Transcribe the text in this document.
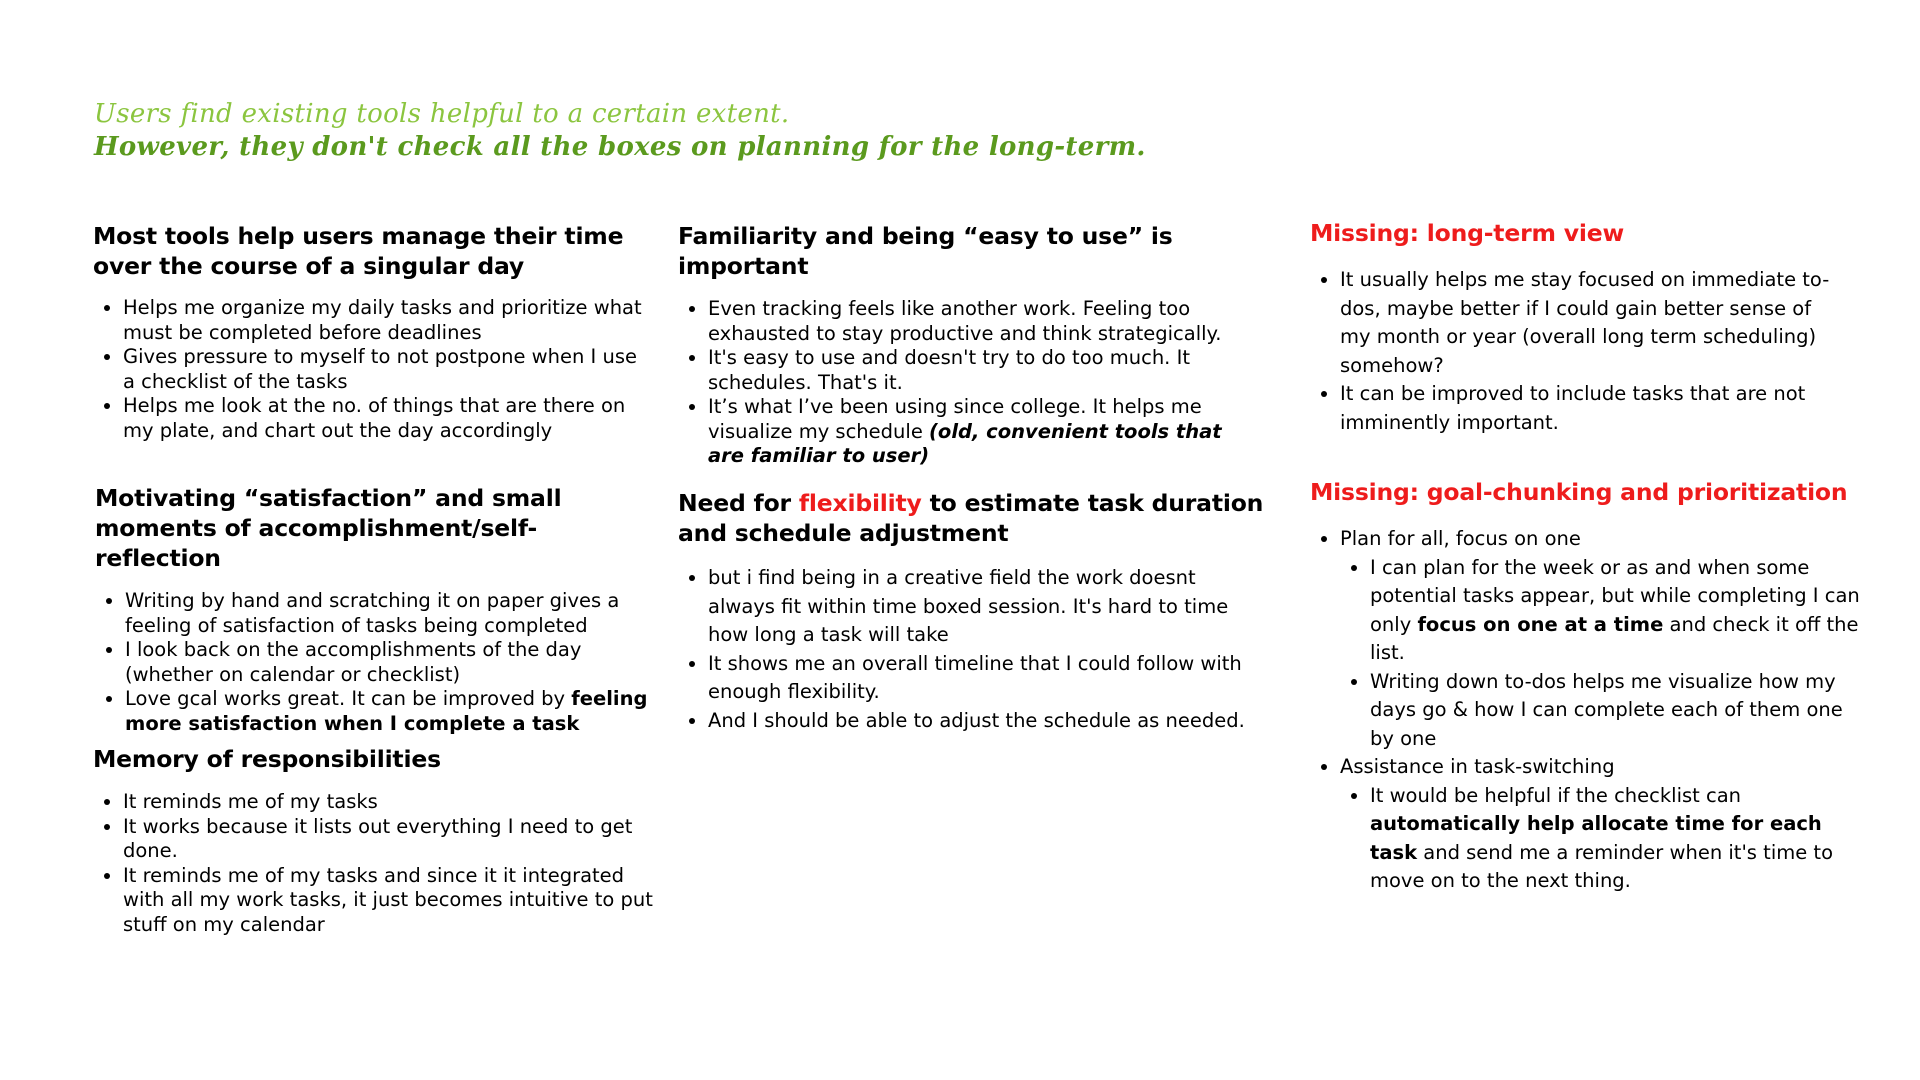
Users find existing tools helpful to a certain extent.
However, they don't check all the boxes on planning for the long-term.
Most tools help users manage their time over the course of a singular day
• Helps me organize my daily tasks and prioritize what must be completed before deadlines
• Gives pressure to myself to not postpone when I use a checklist of the tasks
• Helps me look at the no. of things that are there on my plate, and chart out the day accordingly
Motivating “satisfaction” and small moments of accomplishment/self-reflection
• Writing by hand and scratching it on paper gives a feeling of satisfaction of tasks being completed
• I look back on the accomplishments of the day (whether on calendar or checklist)
• Love gcal works great. It can be improved by feeling more satisfaction when I complete a task
Memory of responsibilities
• It reminds me of my tasks
• It works because it lists out everything I need to get done.
• It reminds me of my tasks and since it it integrated with all my work tasks, it just becomes intuitive to put stuff on my calendar
Familiarity and being “easy to use” is important
• Even tracking feels like another work. Feeling too exhausted to stay productive and think strategically.
• It's easy to use and doesn't try to do too much. It schedules. That's it.
• It’s what I’ve been using since college. It helps me visualize my schedule (old, convenient tools that are familiar to user)
Need for flexibility to estimate task duration and schedule adjustment
• but i find being in a creative field the work doesnt always fit within time boxed session. It's hard to time how long a task will take
• It shows me an overall timeline that I could follow with enough flexibility.
• And I should be able to adjust the schedule as needed.
Missing: long-term view
• It usually helps me stay focused on immediate to-dos, maybe better if I could gain better sense of my month or year (overall long term scheduling) somehow?
• It can be improved to include tasks that are not imminently important.
Missing: goal-chunking and prioritization
• Plan for all, focus on one
• I can plan for the week or as and when some potential tasks appear, but while completing I can only focus on one at a time and check it off the list.
• Writing down to-dos helps me visualize how my days go & how I can complete each of them one by one
• Assistance in task-switching
• It would be helpful if the checklist can automatically help allocate time for each task and send me a reminder when it's time to move on to the next thing.
